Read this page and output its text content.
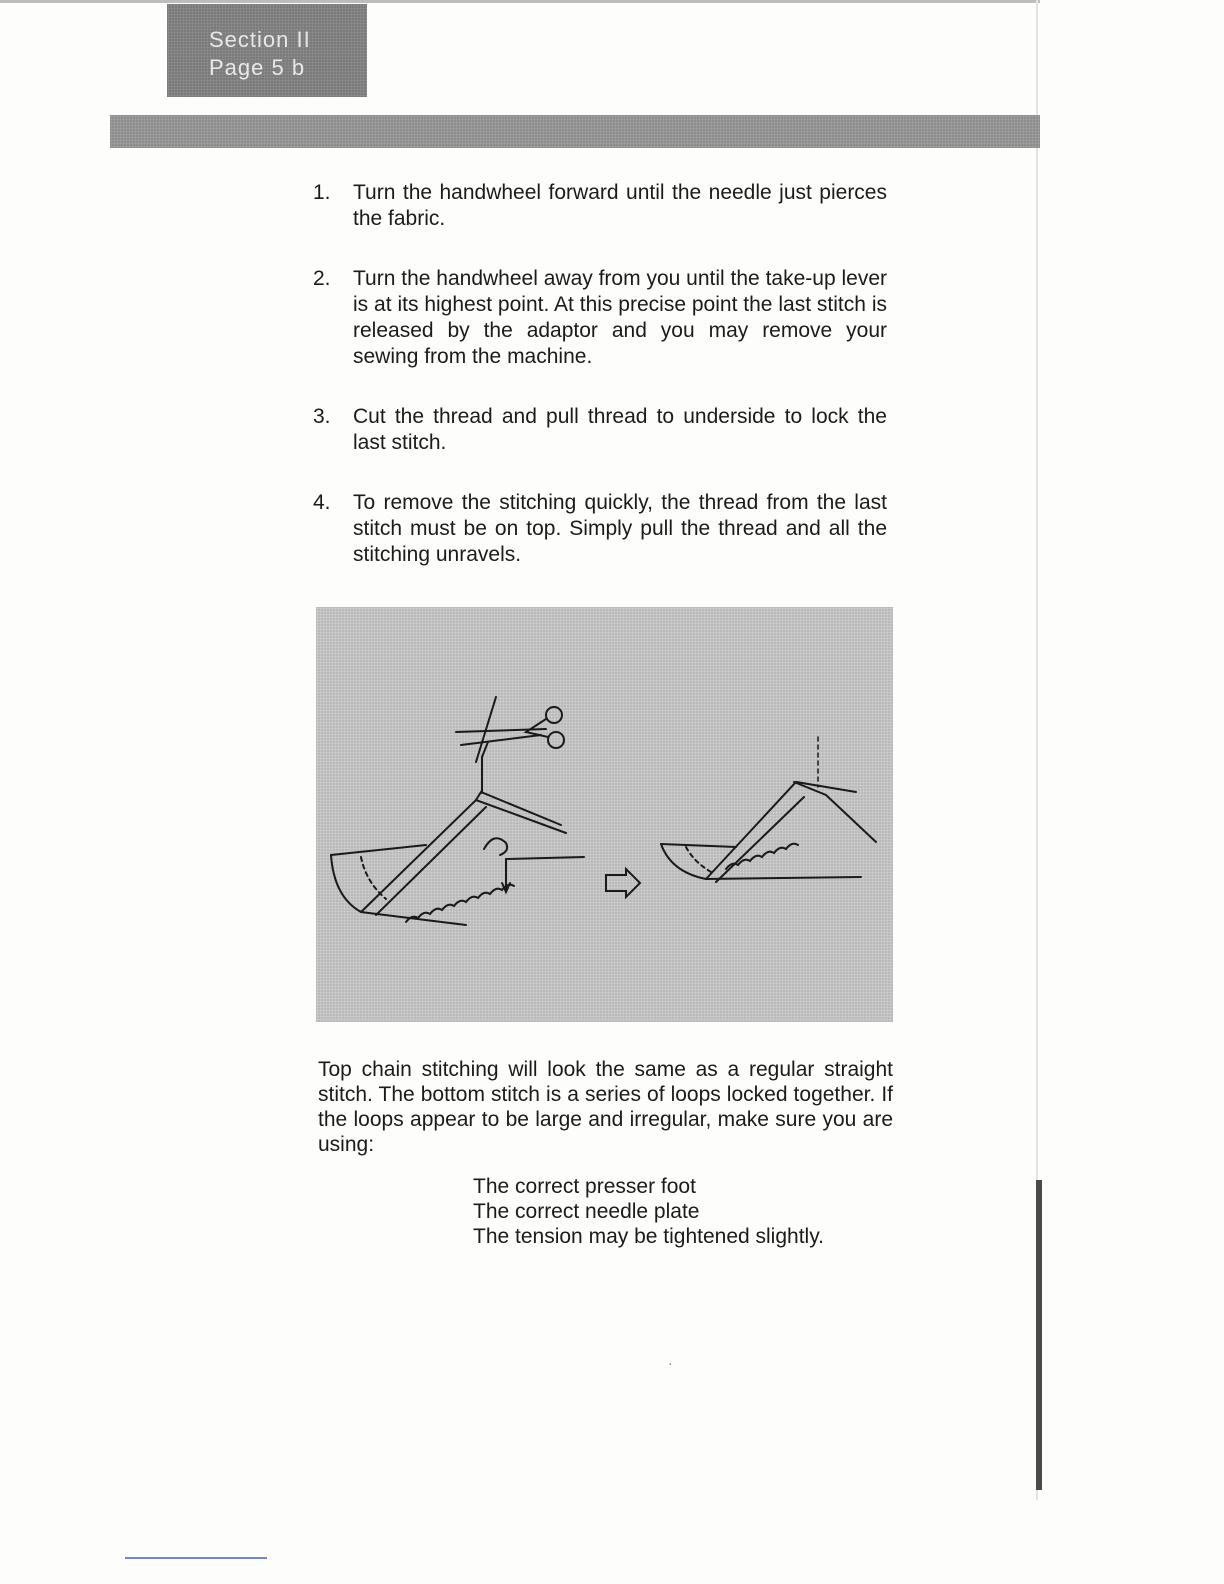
Section II
Page 5 b
1.	Turn the handwheel forward until the needle just pierces the fabric.
2.	Turn the handwheel away from you until the take-up lever is at its highest point. At this precise point the last stitch is released by the adaptor and you may remove your sewing from the machine.
3.	Cut the thread and pull thread to underside to lock the last stitch.
4.	To remove the stitching quickly, the thread from the last stitch must be on top. Simply pull the thread and all the stitching unravels.

Top chain stitching will look the same as a regular straight stitch. The bottom stitch is a series of loops locked together. If the loops appear to be large and irregular, make sure you are using:

The correct presser foot
The correct needle plate
The tension may be tightened slightly.
·
